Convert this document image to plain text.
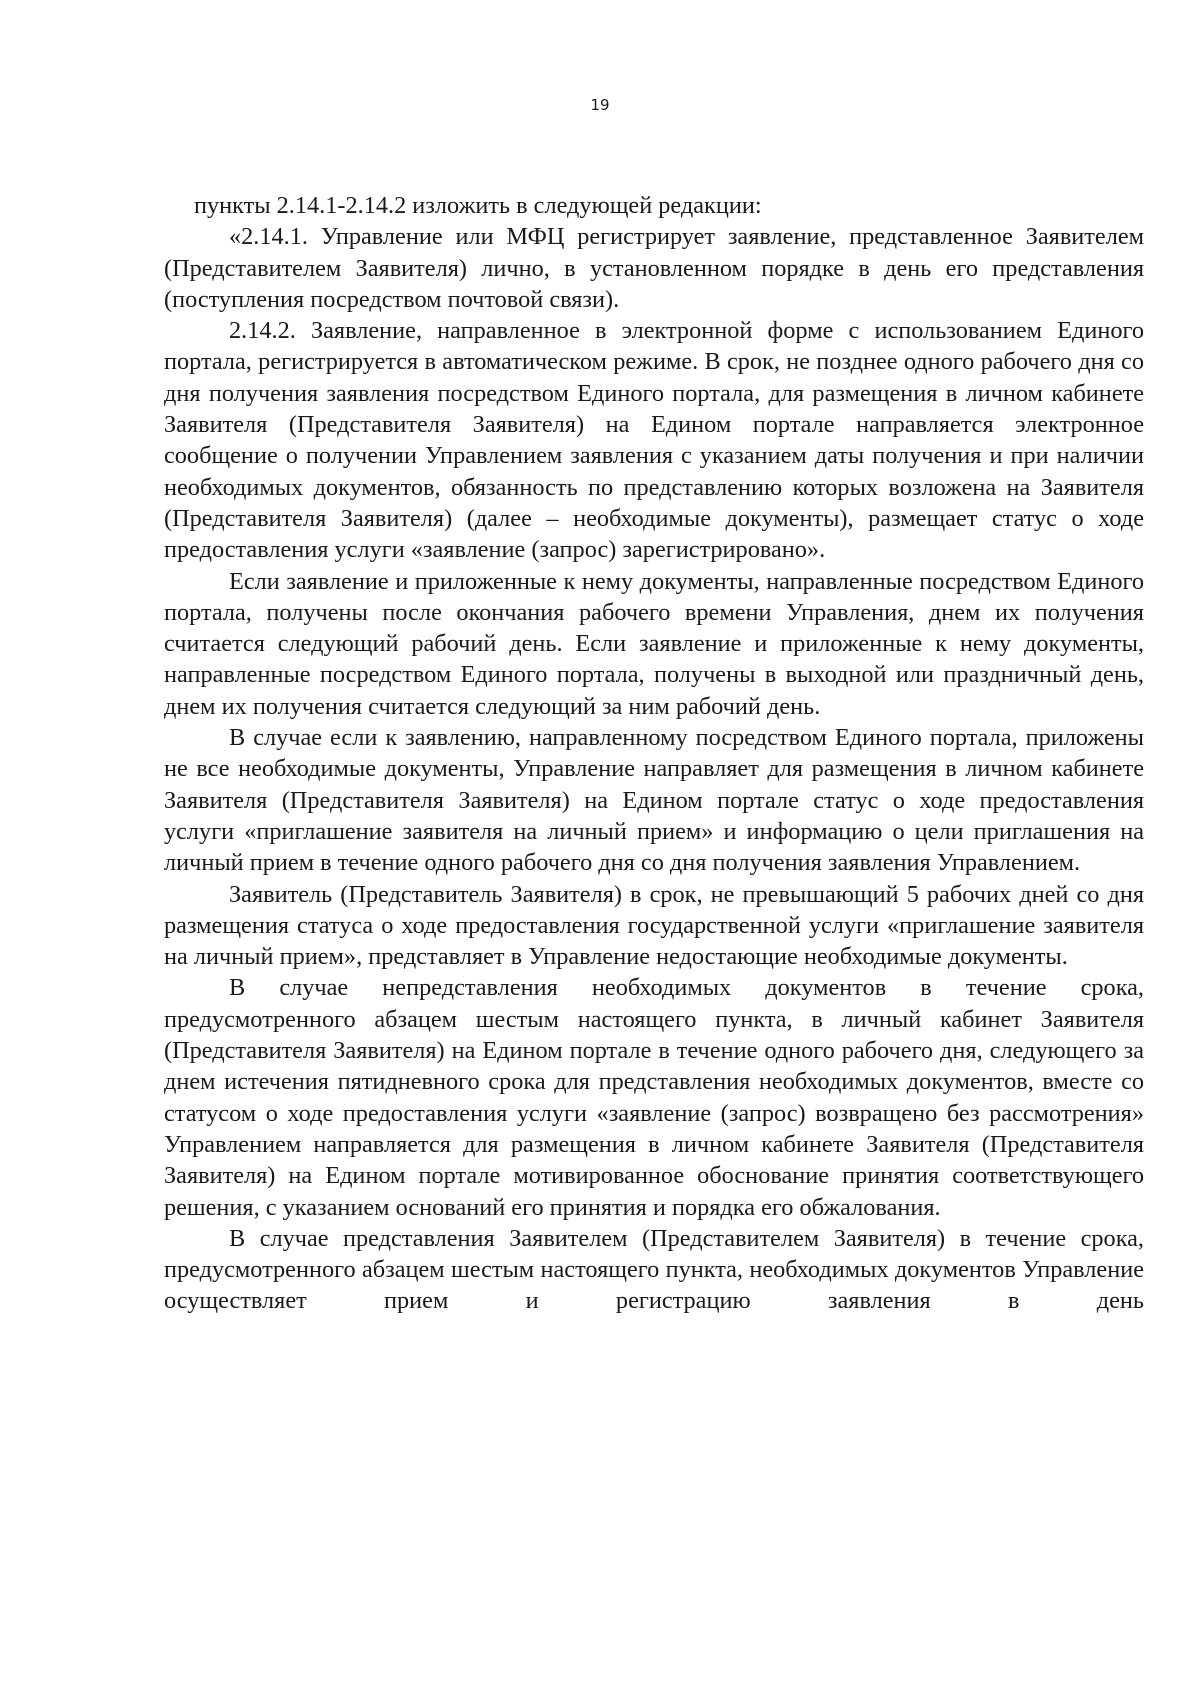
19

пункты 2.14.1-2.14.2 изложить в следующей редакции:

«2.14.1. Управление или МФЦ регистрирует заявление, представленное Заявителем (Представителем Заявителя) лично, в установленном порядке в день его представления (поступления посредством почтовой связи).

2.14.2. Заявление, направленное в электронной форме с использованием Единого портала, регистрируется в автоматическом режиме. В срок, не позднее одного рабочего дня со дня получения заявления посредством Единого портала, для размещения в личном кабинете Заявителя (Представителя Заявителя) на Едином портале направляется электронное сообщение о получении Управлением заявления с указанием даты получения и при наличии необходимых документов, обязанность по представлению которых возложена на Заявителя (Представителя Заявителя) (далее – необходимые документы), размещает статус о ходе предоставления услуги «заявление (запрос) зарегистрировано».

Если заявление и приложенные к нему документы, направленные посредством Единого портала, получены после окончания рабочего времени Управления, днем их получения считается следующий рабочий день. Если заявление и приложенные к нему документы, направленные посредством Единого портала, получены в выходной или праздничный день, днем их получения считается следующий за ним рабочий день.

В случае если к заявлению, направленному посредством Единого портала, приложены не все необходимые документы, Управление направляет для размещения в личном кабинете Заявителя (Представителя Заявителя) на Едином портале статус о ходе предоставления услуги «приглашение заявителя на личный прием» и информацию о цели приглашения на личный прием в течение одного рабочего дня со дня получения заявления Управлением.

Заявитель (Представитель Заявителя) в срок, не превышающий 5 рабочих дней со дня размещения статуса о ходе предоставления государственной услуги «приглашение заявителя на личный прием», представляет в Управление недостающие необходимые документы.

В случае непредставления необходимых документов в течение срока, предусмотренного абзацем шестым настоящего пункта, в личный кабинет Заявителя (Представителя Заявителя) на Едином портале в течение одного рабочего дня, следующего за днем истечения пятидневного срока для представления необходимых документов, вместе со статусом о ходе предоставления услуги «заявление (запрос) возвращено без рассмотрения» Управлением направляется для размещения в личном кабинете Заявителя (Представителя Заявителя) на Едином портале мотивированное обоснование принятия соответствующего решения, с указанием оснований его принятия и порядка его обжалования.

В случае представления Заявителем (Представителем Заявителя) в течение срока, предусмотренного абзацем шестым настоящего пункта, необходимых документов Управление осуществляет прием и регистрацию заявления в день
